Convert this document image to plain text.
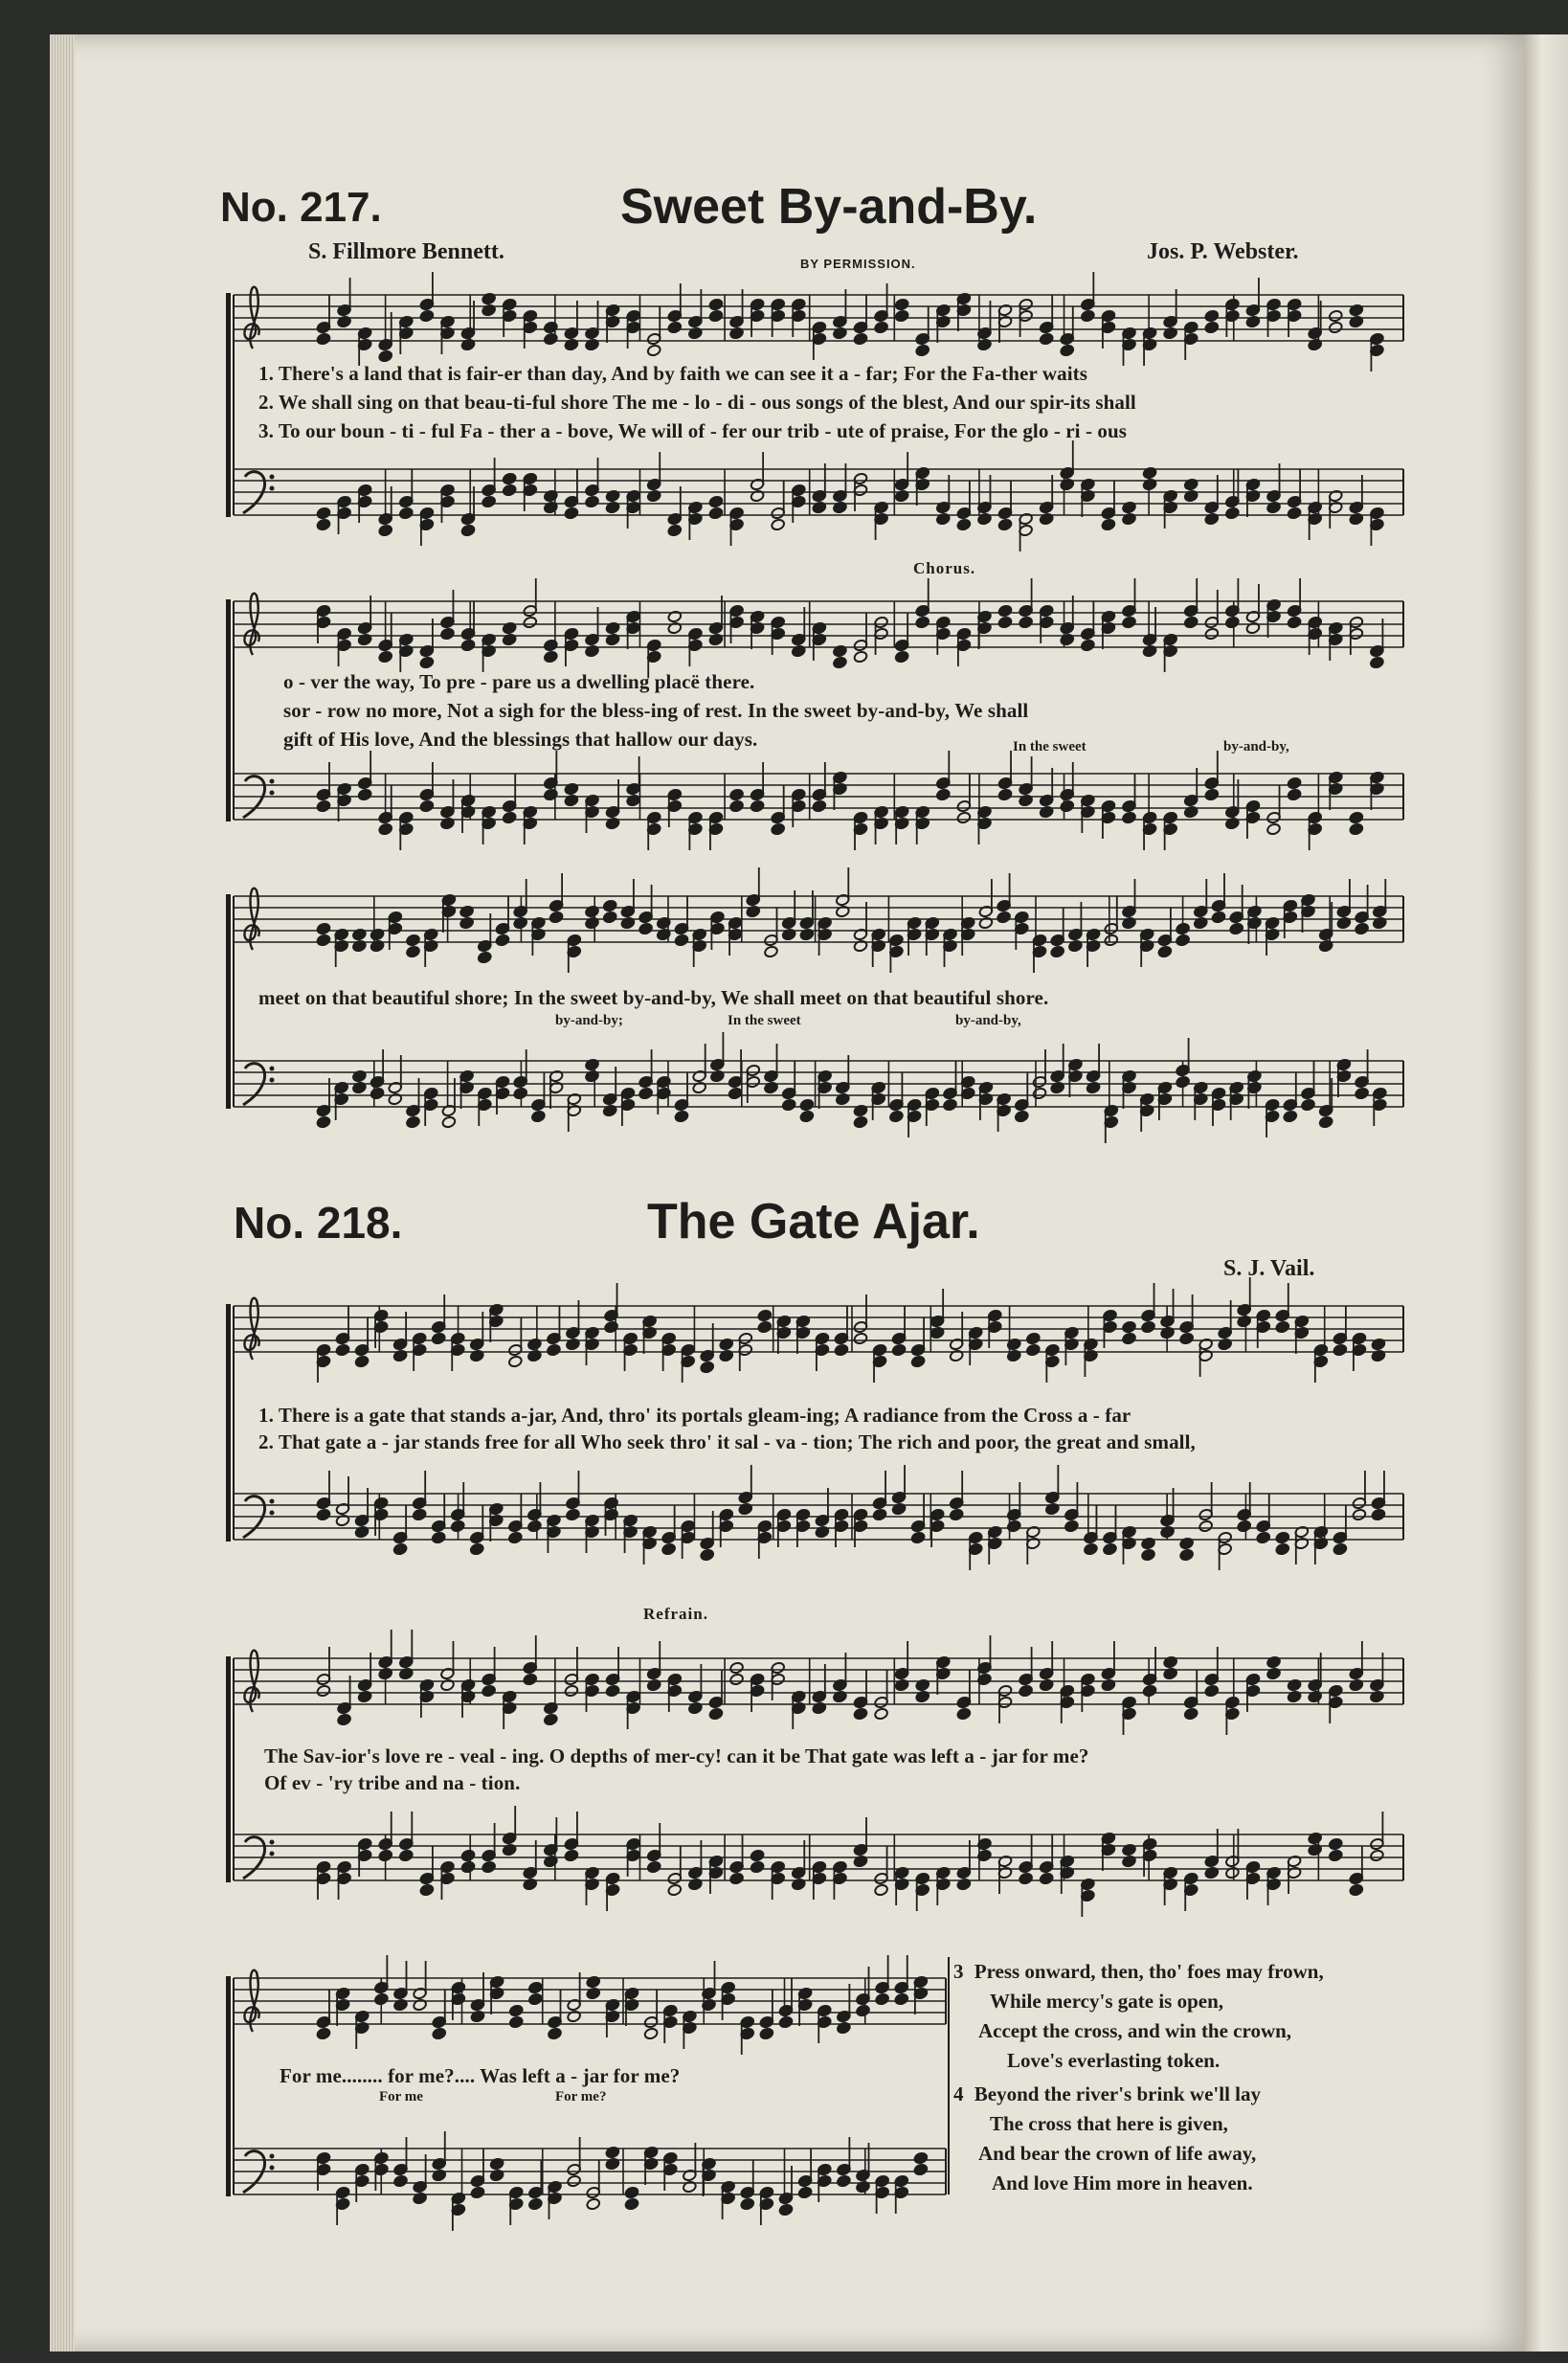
No. 217.	Sweet By-and-By.
S. Fillmore Bennett.	BY PERMISSION.	Jos. P. Webster.
1. There's a land that is fair-er than day, And by faith we can see it a - far; For the Fa-ther waits
2. We shall sing on that beau-ti-ful shore The me - lo - di - ous songs of the blest, And our spir-its shall
3. To our boun - ti - ful Fa - ther a - bove, We will of - fer our trib - ute of praise, For the glo - ri - ous
Chorus.
o - ver the way, To pre - pare us a dwelling placë there.
sor - row no more, Not a sigh for the bless-ing of rest. In the sweet by-and-by, We shall
gift of His love, And the blessings that hallow our days.	In the sweet	by-and-by,
meet on that beautiful shore; In the sweet by-and-by, We shall meet on that beautiful shore.
by-and-by;	In the sweet	by-and-by,
No. 218.	The Gate Ajar.
S. J. Vail.
1. There is a gate that stands a-jar, And, thro' its portals gleam-ing; A radiance from the Cross a - far
2. That gate a - jar stands free for all Who seek thro' it sal - va - tion; The rich and poor, the great and small,
Refrain.
The Sav-ior's love re - veal - ing. O depths of mer-cy! can it be That gate was left a - jar for me?
Of ev - 'ry tribe and na - tion.
For me........ for me?.... Was left a - jar for me?
For me	For me?
3 Press onward, then, tho' foes may frown,
While mercy's gate is open,
Accept the cross, and win the crown,
Love's everlasting token.
4 Beyond the river's brink we'll lay
The cross that here is given,
And bear the crown of life away,
And love Him more in heaven.
